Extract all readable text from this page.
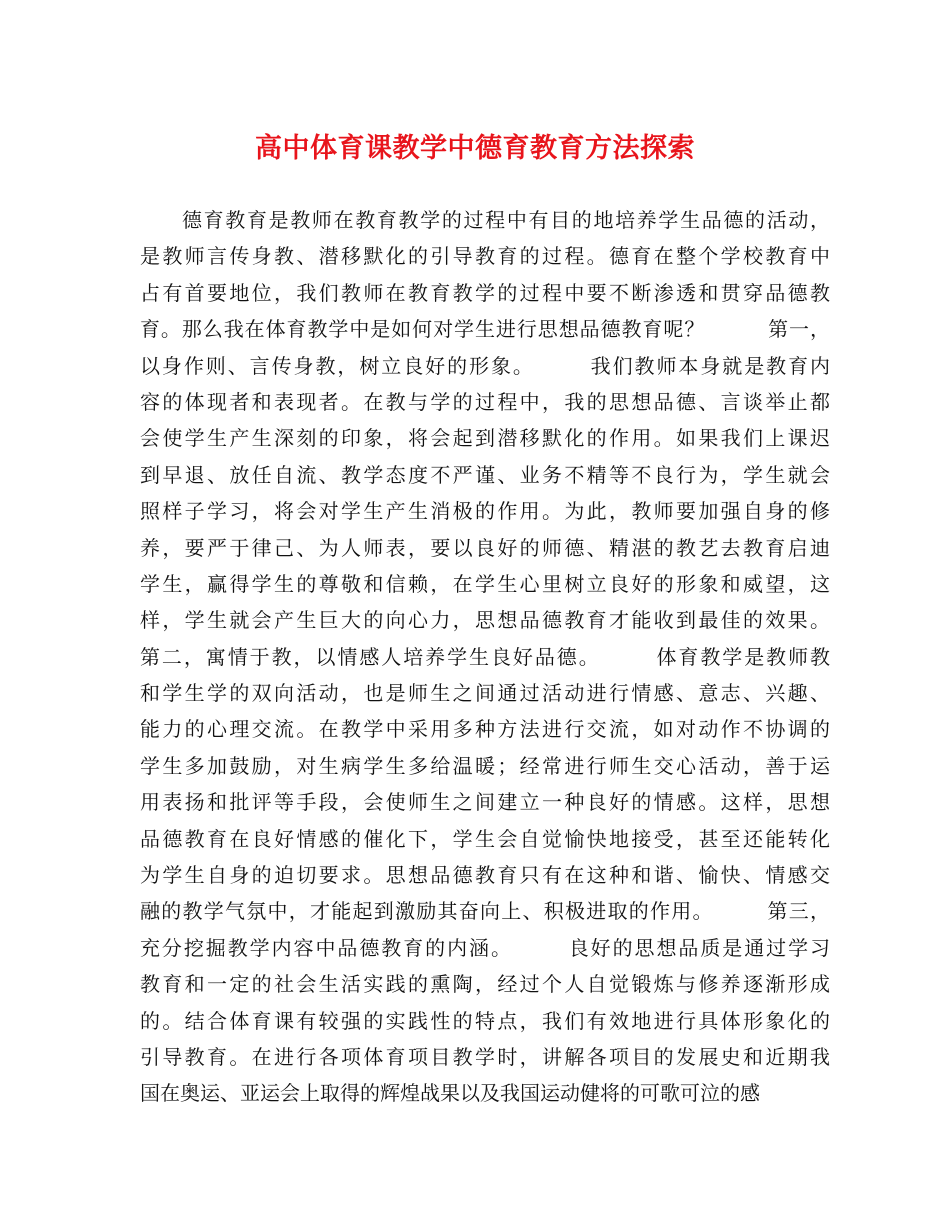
高中体育课教学中德育教育方法探索
德育教育是教师在教育教学的过程中有目的地培养学生品德的活动，
是教师言传身教、潜移默化的引导教育的过程。德育在整个学校教育中
占有首要地位，我们教师在教育教学的过程中要不断渗透和贯穿品德教
育。那么我在体育教学中是如何对学生进行思想品德教育呢？　　　第一，
以身作则、言传身教，树立良好的形象。　　　我们教师本身就是教育内
容的体现者和表现者。在教与学的过程中，我的思想品德、言谈举止都
会使学生产生深刻的印象，将会起到潜移默化的作用。如果我们上课迟
到早退、放任自流、教学态度不严谨、业务不精等不良行为，学生就会
照样子学习，将会对学生产生消极的作用。为此，教师要加强自身的修
养，要严于律己、为人师表，要以良好的师德、精湛的教艺去教育启迪
学生，赢得学生的尊敬和信赖，在学生心里树立良好的形象和威望，这
样，学生就会产生巨大的向心力，思想品德教育才能收到最佳的效果。
第二，寓情于教，以情感人培养学生良好品德。　　　体育教学是教师教
和学生学的双向活动，也是师生之间通过活动进行情感、意志、兴趣、
能力的心理交流。在教学中采用多种方法进行交流，如对动作不协调的
学生多加鼓励，对生病学生多给温暖；经常进行师生交心活动，善于运
用表扬和批评等手段，会使师生之间建立一种良好的情感。这样，思想
品德教育在良好情感的催化下，学生会自觉愉快地接受，甚至还能转化
为学生自身的迫切要求。思想品德教育只有在这种和谐、愉快、情感交
融的教学气氛中，才能起到激励其奋向上、积极进取的作用。　　　第三，
充分挖掘教学内容中品德教育的内涵。　　　良好的思想品质是通过学习
教育和一定的社会生活实践的熏陶，经过个人自觉锻炼与修养逐渐形成
的。结合体育课有较强的实践性的特点，我们有效地进行具体形象化的
引导教育。在进行各项体育项目教学时，讲解各项目的发展史和近期我
国在奥运、亚运会上取得的辉煌战果以及我国运动健将的可歌可泣的感
